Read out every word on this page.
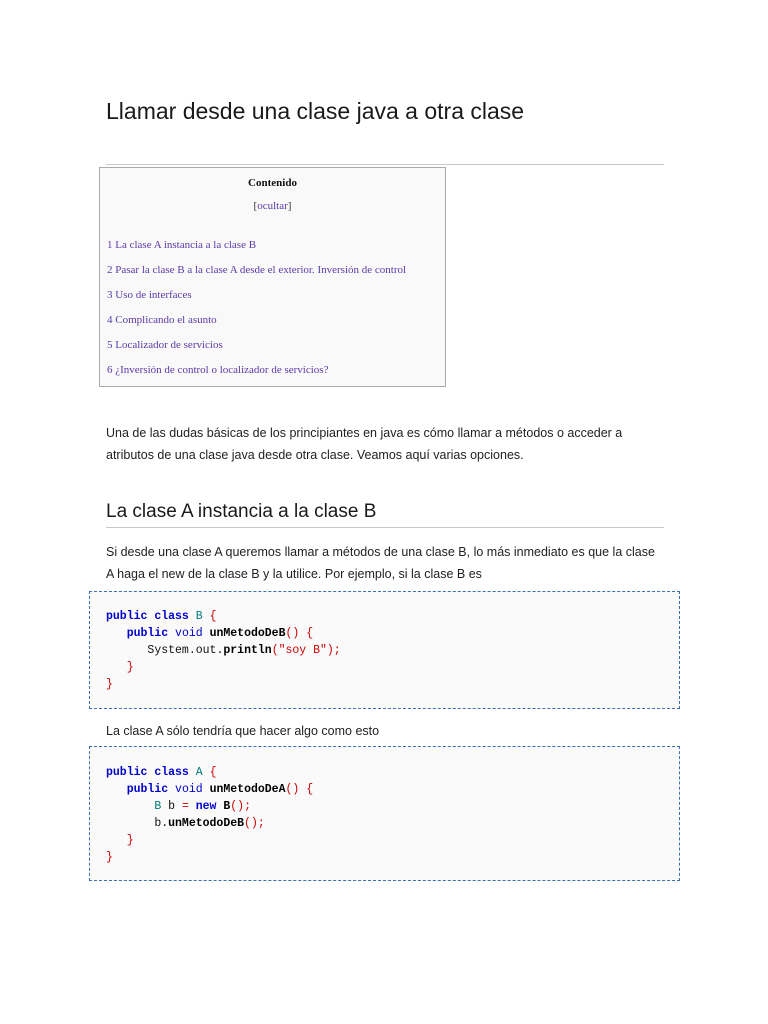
Llamar desde una clase java a otra clase
Contenido
[ocultar]
1 La clase A instancia a la clase B
2 Pasar la clase B a la clase A desde el exterior. Inversión de control
3 Uso de interfaces
4 Complicando el asunto
5 Localizador de servicios
6 ¿Inversión de control o localizador de servicios?

Una de las dudas básicas de los principiantes en java es cómo llamar a métodos o acceder a
atributos de una clase java desde otra clase. Veamos aquí varias opciones.

La clase A instancia a la clase B

Si desde una clase A queremos llamar a métodos de una clase B, lo más inmediato es que la clase
A haga el new de la clase B y la utilice. Por ejemplo, si la clase B es

public class B {
public void unMetodoDeB() {
System.out.println("soy B");
}
}

La clase A sólo tendría que hacer algo como esto

public class A {
public void unMetodoDeA() {
B b = new B();
b.unMetodoDeB();
}
}
